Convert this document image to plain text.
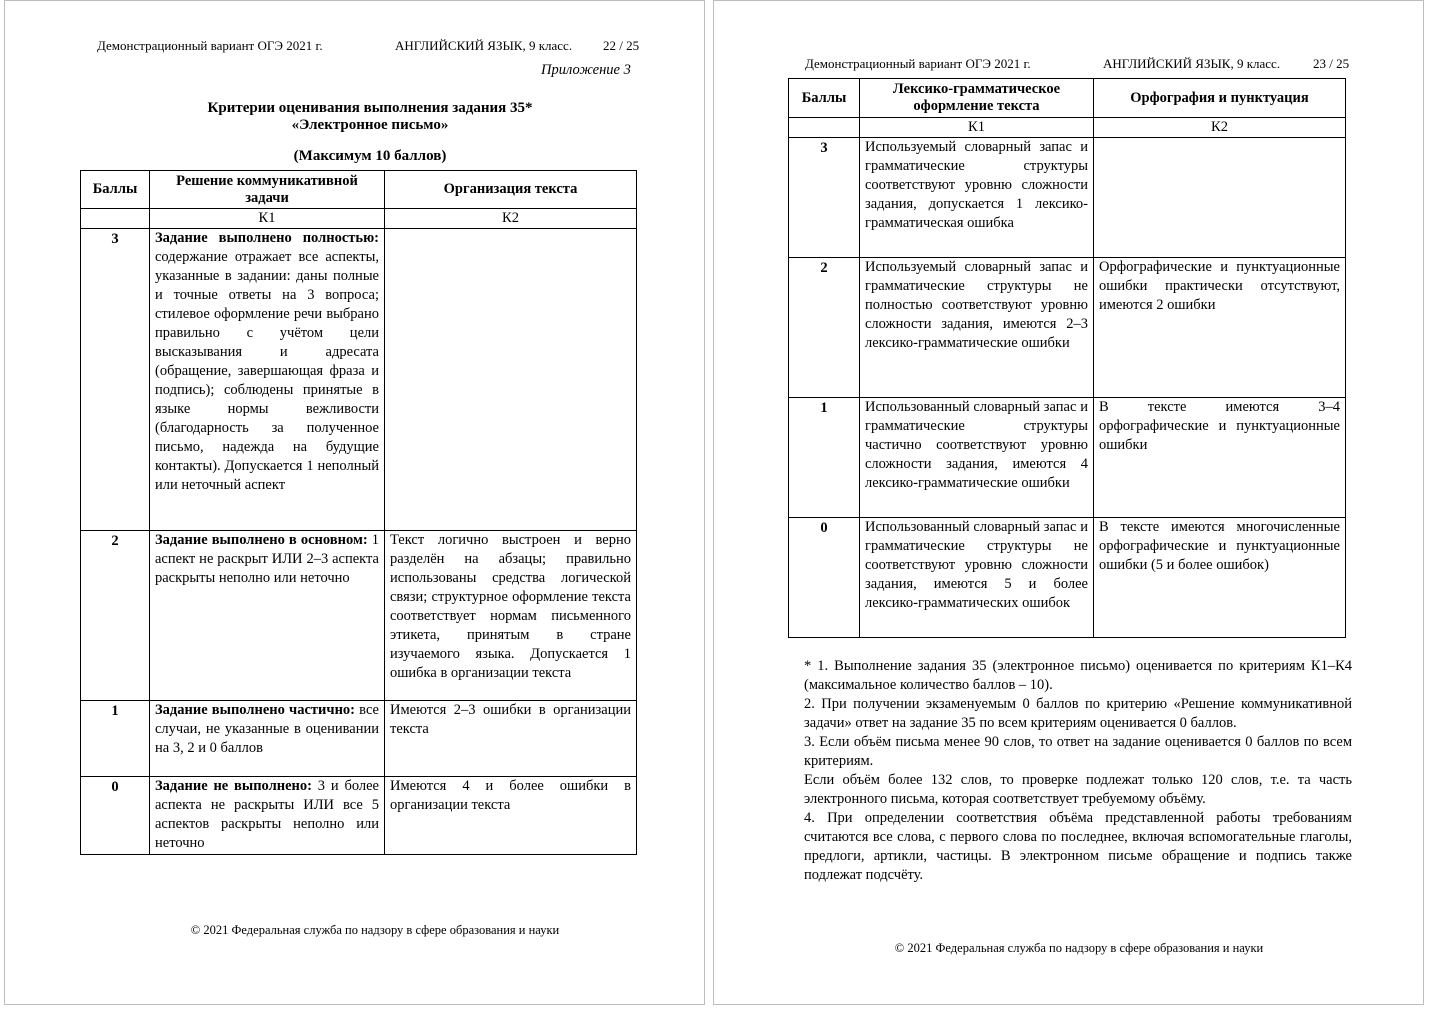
Демонстрационный вариант ОГЭ 2021 г.	АНГЛИЙСКИЙ ЯЗЫК, 9 класс. 22 / 25
Приложение 3
Критерии оценивания выполнения задания 35*
«Электронное письмо»
(Максимум 10 баллов)
Баллы	Решение коммуникативной задачи	Организация текста
	К1	К2
3	Задание выполнено полностью: содержание отражает все аспекты, указанные в задании: даны полные и точные ответы на 3 вопроса; стилевое оформление речи выбрано правильно с учётом цели высказывания и адресата (обращение, завершающая фраза и подпись); соблюдены принятые в языке нормы вежливости (благодарность за полученное письмо, надежда на будущие контакты). Допускается 1 неполный или неточный аспект	
2	Задание выполнено в основном: 1 аспект не раскрыт ИЛИ 2–3 аспекта раскрыты неполно или неточно	Текст логично выстроен и верно разделён на абзацы; правильно использованы средства логической связи; структурное оформление текста соответствует нормам письменного этикета, принятым в стране изучаемого языка. Допускается 1 ошибка в организации текста
1	Задание выполнено частично: все случаи, не указанные в оценивании на 3, 2 и 0 баллов	Имеются 2–3 ошибки в организации текста
0	Задание не выполнено: 3 и более аспекта не раскрыты ИЛИ все 5 аспектов раскрыты неполно или неточно	Имеются 4 и более ошибки в организации текста
© 2021 Федеральная служба по надзору в сфере образования и науки
Демонстрационный вариант ОГЭ 2021 г.	АНГЛИЙСКИЙ ЯЗЫК, 9 класс.	23 / 25
Баллы	Лексико-грамматическое оформление текста	Орфография и пунктуация
	К1	К2
3	Используемый словарный запас и грамматические структуры соответствуют уровню сложности задания, допускается 1 лексико-грамматическая ошибка	
2	Используемый словарный запас и грамматические структуры не полностью соответствуют уровню сложности задания, имеются 2–3 лексико-грамматические ошибки	Орфографические и пунктуационные ошибки практически отсутствуют, имеются 2 ошибки
1	Использованный словарный запас и грамматические структуры частично соответствуют уровню сложности задания, имеются 4 лексико-грамматические ошибки	В тексте имеются 3–4 орфографические и пунктуационные ошибки
0	Использованный словарный запас и грамматические структуры не соответствуют уровню сложности задания, имеются 5 и более лексико-грамматических ошибок	В тексте имеются многочисленные орфографические и пунктуационные ошибки (5 и более ошибок)

* 1. Выполнение задания 35 (электронное письмо) оценивается по критериям К1–К4 (максимальное количество баллов – 10).

2. При получении экзаменуемым 0 баллов по критерию «Решение коммуникативной задачи» ответ на задание 35 по всем критериям оценивается 0 баллов.

3. Если объём письма менее 90 слов, то ответ на задание оценивается 0 баллов по всем критериям.

Если объём более 132 слов, то проверке подлежат только 120 слов, т.е. та часть электронного письма, которая соответствует требуемому объёму.

4. При определении соответствия объёма представленной работы требованиям считаются все слова, с первого слова по последнее, включая вспомогательные глаголы, предлоги, артикли, частицы. В электронном письме обращение и подпись также подлежат подсчёту.

© 2021 Федеральная служба по надзору в сфере образования и науки
